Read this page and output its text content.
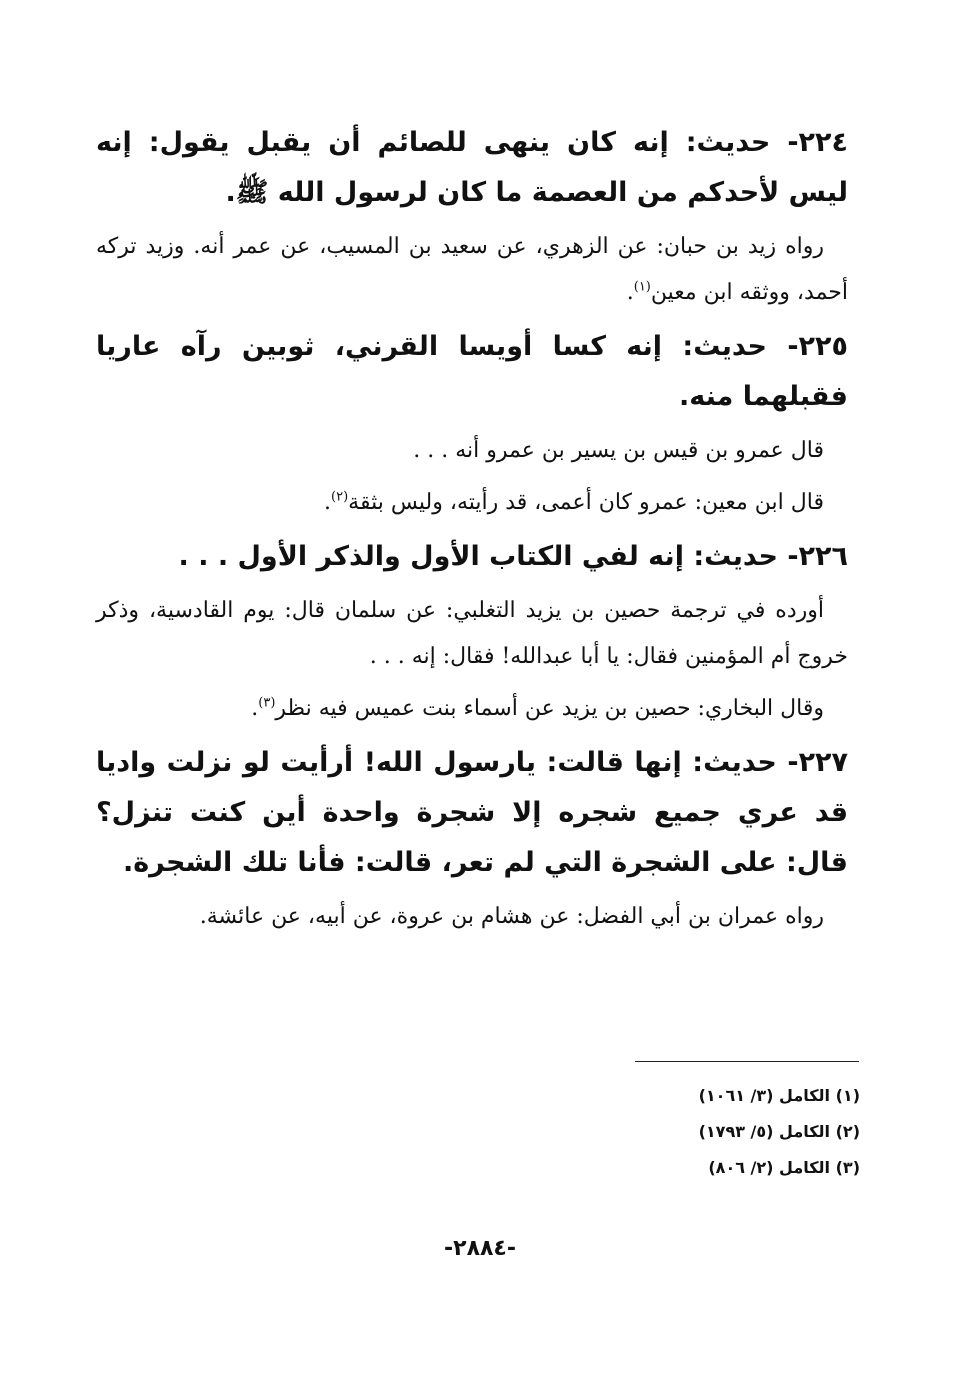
٢٢٤- حديث: إنه كان ينهى للصائم أن يقبل يقول: إنه ليس لأحدكم من العصمة ما كان لرسول الله ﷺ.

رواه زيد بن حبان: عن الزهري، عن سعيد بن المسيب، عن عمر أنه. وزيد تركه أحمد، ووثقه ابن معين$^{(١)}$.

٢٢٥- حديث: إنه كسا أويسا القرني، ثوبين رآه عاريا فقبلهما منه.

قال عمرو بن قيس بن يسير بن عمرو أنه . . .

قال ابن معين: عمرو كان أعمى، قد رأيته، وليس بثقة$^{(٢)}$.

٢٢٦- حديث: إنه لفي الكتاب الأول والذكر الأول . . .

أورده في ترجمة حصين بن يزيد التغلبي: عن سلمان قال: يوم القادسية، وذكر خروج أم المؤمنين فقال: يا أبا عبدالله! فقال: إنه . . .

وقال البخاري: حصين بن يزيد عن أسماء بنت عميس فيه نظر$^{(٣)}$.

٢٢٧- حديث: إنها قالت: يارسول الله! أرأيت لو نزلت واديا قد عري جميع شجره إلا شجرة واحدة أين كنت تنزل؟ قال: على الشجرة التي لم تعر، قالت: فأنا تلك الشجرة.

رواه عمران بن أبي الفضل: عن هشام بن عروة، عن أبيه، عن عائشة.

(١) الكامل (٣/ ١٠٦١)

(٢) الكامل (٥/ ١٧٩٣)

(٣) الكامل (٢/ ٨٠٦)

-٢٨٨٤-
